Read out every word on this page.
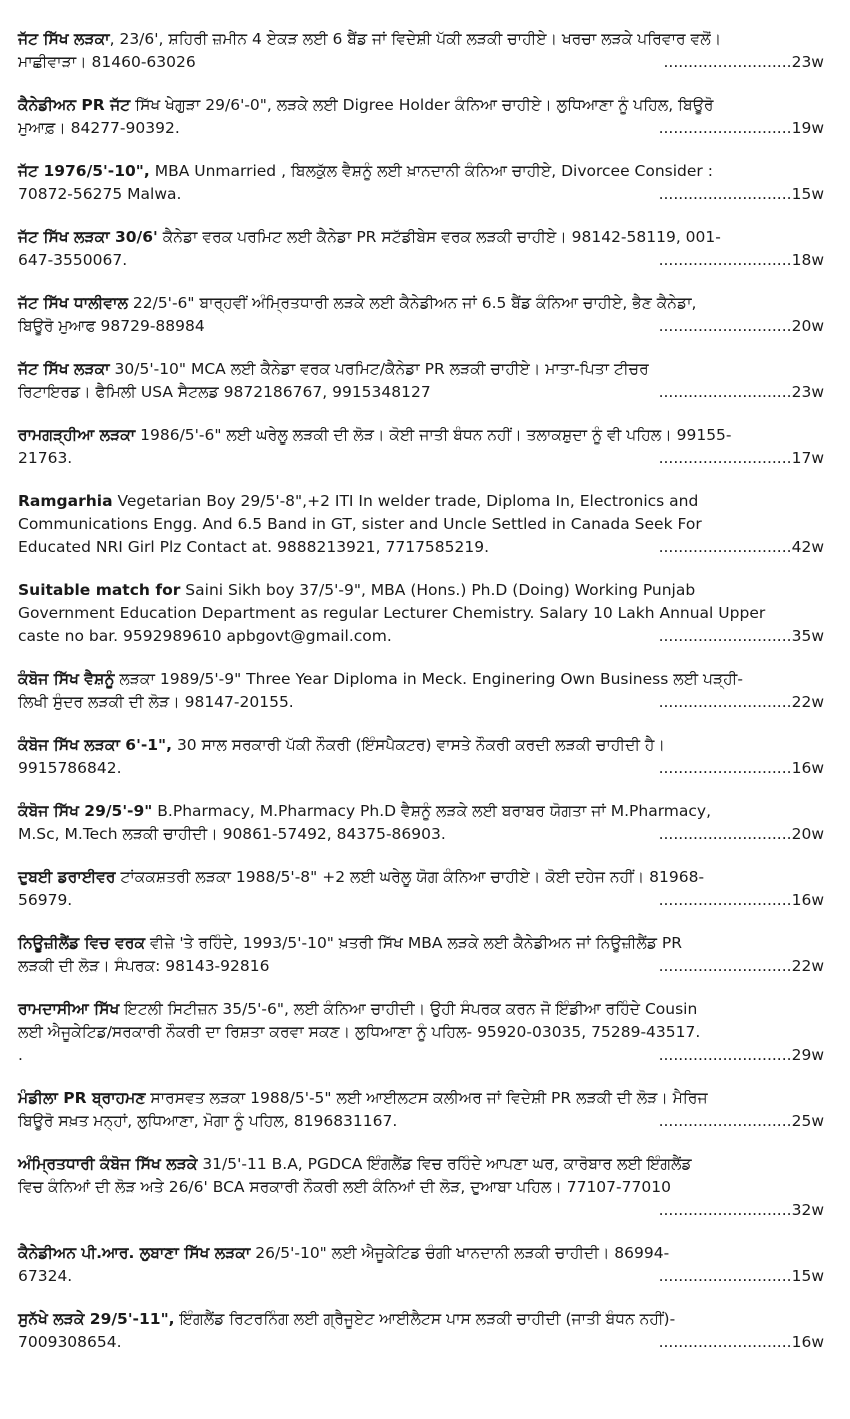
ਜੱਟ ਸਿੱਖ ਲੜਕਾ, 23/6', ਸ਼ਹਿਰੀ ਜ਼ਮੀਨ 4 ਏਕੜ ਲਈ 6 ਬੈਂਡ ਜਾਂ ਵਿਦੇਸ਼ੀ ਪੱਕੀ ਲੜਕੀ ਚਾਹੀਏ। ਖਰਚਾ ਲੜਕੇ ਪਰਿਵਾਰ ਵਲੋਂ।
ਮਾਛੀਵਾੜਾ। 81460-63026	..........................23w
ਕੈਨੇਡੀਅਨ PR ਜੱਟ ਸਿੱਖ ਖੇਗੁੜਾ 29/6'-0", ਲੜਕੇ ਲਈ Digree Holder ਕੰਨਿਆ ਚਾਹੀਏ। ਲੁਧਿਆਣਾ ਨੂੰ ਪਹਿਲ, ਬਿਊਰੋ
ਮੁਆਫ਼। 84277-90392.	...........................19w
ਜੱਟ 1976/5'-10", MBA Unmarried , ਬਿਲਕੁੱਲ ਵੈਸ਼ਨੂੰ ਲਈ ਖ਼ਾਨਦਾਨੀ ਕੰਨਿਆ ਚਾਹੀਏ, Divorcee Consider :
70872-56275 Malwa.	...........................15w
ਜੱਟ ਸਿੱਖ ਲੜਕਾ 30/6' ਕੈਨੇਡਾ ਵਰਕ ਪਰਮਿਟ ਲਈ ਕੈਨੇਡਾ PR ਸਟੱਡੀਬੇਸ ਵਰਕ ਲੜਕੀ ਚਾਹੀਏ। 98142-58119, 001-
647-3550067.	...........................18w
ਜੱਟ ਸਿੱਖ ਧਾਲੀਵਾਲ 22/5'-6" ਬਾਰ੍ਹਵੀਂ ਅੰਮ੍ਰਿਤਧਾਰੀ ਲੜਕੇ ਲਈ ਕੈਨੇਡੀਅਨ ਜਾਂ 6.5 ਬੈਂਡ ਕੰਨਿਆ ਚਾਹੀਏ, ਭੈਣ ਕੈਨੇਡਾ,
ਬਿਊਰੋ ਮੁਆਫ 98729-88984	...........................20w
ਜੱਟ ਸਿੱਖ ਲੜਕਾ 30/5'-10" MCA ਲਈ ਕੈਨੇਡਾ ਵਰਕ ਪਰਮਿਟ/ਕੈਨੇਡਾ PR ਲੜਕੀ ਚਾਹੀਏ। ਮਾਤਾ-ਪਿਤਾ ਟੀਚਰ
ਰਿਟਾਇਰਡ। ਫੈਮਿਲੀ USA ਸੈਟਲਡ 9872186767, 9915348127	...........................23w
ਰਾਮਗੜ੍ਹੀਆ ਲੜਕਾ 1986/5'-6" ਲਈ ਘਰੇਲੂ ਲੜਕੀ ਦੀ ਲੋੜ। ਕੋਈ ਜਾਤੀ ਬੰਧਨ ਨਹੀਂ। ਤਲਾਕਸ਼ੁਦਾ ਨੂੰ ਵੀ ਪਹਿਲ। 99155-
21763.	...........................17w
Ramgarhia Vegetarian Boy 29/5'-8",+2 ITI In welder trade, Diploma In, Electronics and
Communications Engg. And 6.5 Band in GT, sister and Uncle Settled in Canada Seek For
Educated NRI Girl Plz Contact at. 9888213921, 7717585219.	...........................42w
Suitable match for Saini Sikh boy 37/5'-9", MBA (Hons.) Ph.D (Doing) Working Punjab
Government Education Department as regular Lecturer Chemistry. Salary 10 Lakh Annual Upper
caste no bar. 9592989610 apbgovt@gmail.com.	...........................35w
ਕੰਬੋਜ ਸਿੱਖ ਵੈਸ਼ਨੂੰ ਲੜਕਾ 1989/5'-9" Three Year Diploma in Meck. Enginering Own Business ਲਈ ਪੜ੍ਹੀ-
ਲਿਖੀ ਸੁੰਦਰ ਲੜਕੀ ਦੀ ਲੋੜ। 98147-20155.	...........................22w
ਕੰਬੋਜ ਸਿੱਖ ਲੜਕਾ 6'-1", 30 ਸਾਲ ਸਰਕਾਰੀ ਪੱਕੀ ਨੌਕਰੀ (ਇੰਸਪੈਕਟਰ) ਵਾਸਤੇ ਨੌਕਰੀ ਕਰਦੀ ਲੜਕੀ ਚਾਹੀਦੀ ਹੈ।
9915786842.	...........................16w
ਕੰਬੋਜ ਸਿੱਖ 29/5'-9" B.Pharmacy, M.Pharmacy Ph.D ਵੈਸ਼ਨੂੰ ਲੜਕੇ ਲਈ ਬਰਾਬਰ ਯੋਗਤਾ ਜਾਂ M.Pharmacy,
M.Sc, M.Tech ਲੜਕੀ ਚਾਹੀਦੀ। 90861-57492, 84375-86903.	...........................20w
ਦੁਬਈ ਡਰਾਈਵਰ ਟਾਂਕਕਸ਼ਤਰੀ ਲੜਕਾ 1988/5'-8" +2 ਲਈ ਘਰੇਲੂ ਯੋਗ ਕੰਨਿਆ ਚਾਹੀਏ। ਕੋਈ ਦਹੇਜ ਨਹੀਂ। 81968-
56979.	...........................16w
ਨਿਊਜ਼ੀਲੈਂਡ ਵਿਚ ਵਰਕ ਵੀਜ਼ੇ 'ਤੇ ਰਹਿੰਦੇ, 1993/5'-10" ਖ਼ਤਰੀ ਸਿੱਖ MBA ਲੜਕੇ ਲਈ ਕੈਨੇਡੀਅਨ ਜਾਂ ਨਿਊਜ਼ੀਲੈਂਡ PR
ਲੜਕੀ ਦੀ ਲੋੜ। ਸੰਪਰਕ: 98143-92816	...........................22w
ਰਾਮਦਾਸੀਆ ਸਿੱਖ ਇਟਲੀ ਸਿਟੀਜ਼ਨ 35/5'-6", ਲਈ ਕੰਨਿਆ ਚਾਹੀਦੀ। ਉਹੀ ਸੰਪਰਕ ਕਰਨ ਜੋ ਇੰਡੀਆ ਰਹਿੰਦੇ Cousin
ਲਈ ਐਜੂਕੇਟਿਡ/ਸਰਕਾਰੀ ਨੌਕਰੀ ਦਾ ਰਿਸ਼ਤਾ ਕਰਵਾ ਸਕਣ। ਲੁਧਿਆਣਾ ਨੂੰ ਪਹਿਲ- 95920-03035, 75289-43517.
.	...........................29w
ਮੰਡੀਲਾ PR ਬ੍ਰਾਹਮਣ ਸਾਰਸਵਤ ਲੜਕਾ 1988/5'-5" ਲਈ ਆਈਲਟਸ ਕਲੀਅਰ ਜਾਂ ਵਿਦੇਸ਼ੀ PR ਲੜਕੀ ਦੀ ਲੋੜ। ਮੈਰਿਜ
ਬਿਊਰੋ ਸਖ਼ਤ ਮਨ੍ਹਾਂ, ਲੁਧਿਆਣਾ, ਮੋਗਾ ਨੂੰ ਪਹਿਲ, 8196831167.	...........................25w
ਅੰਮ੍ਰਿਤਧਾਰੀ ਕੰਬੋਜ ਸਿੱਖ ਲੜਕੇ 31/5'-11 B.A, PGDCA ਇੰਗਲੈਂਡ ਵਿਚ ਰਹਿੰਦੇ ਆਪਣਾ ਘਰ, ਕਾਰੋਬਾਰ ਲਈ ਇੰਗਲੈਂਡ
ਵਿਚ ਕੰਨਿਆਂ ਦੀ ਲੋੜ ਅਤੇ 26/6' BCA ਸਰਕਾਰੀ ਨੌਕਰੀ ਲਈ ਕੰਨਿਆਂ ਦੀ ਲੋੜ, ਦੁਆਬਾ ਪਹਿਲ। 77107-77010
...........................32w
ਕੈਨੇਡੀਅਨ ਪੀ.ਆਰ. ਲੁਬਾਣਾ ਸਿੱਖ ਲੜਕਾ 26/5'-10" ਲਈ ਐਜੂਕੇਟਿਡ ਚੰਗੀ ਖਾਨਦਾਨੀ ਲੜਕੀ ਚਾਹੀਦੀ। 86994-
67324.	...........................15w
ਸੁਨੱਖੇ ਲੜਕੇ 29/5'-11", ਇੰਗਲੈਂਡ ਰਿਟਰਨਿੰਗ ਲਈ ਗ੍ਰੈਜੂਏਟ ਆਈਲੈਟਸ ਪਾਸ ਲੜਕੀ ਚਾਹੀਦੀ (ਜਾਤੀ ਬੰਧਨ ਨਹੀਂ)-
7009308654.	...........................16w
